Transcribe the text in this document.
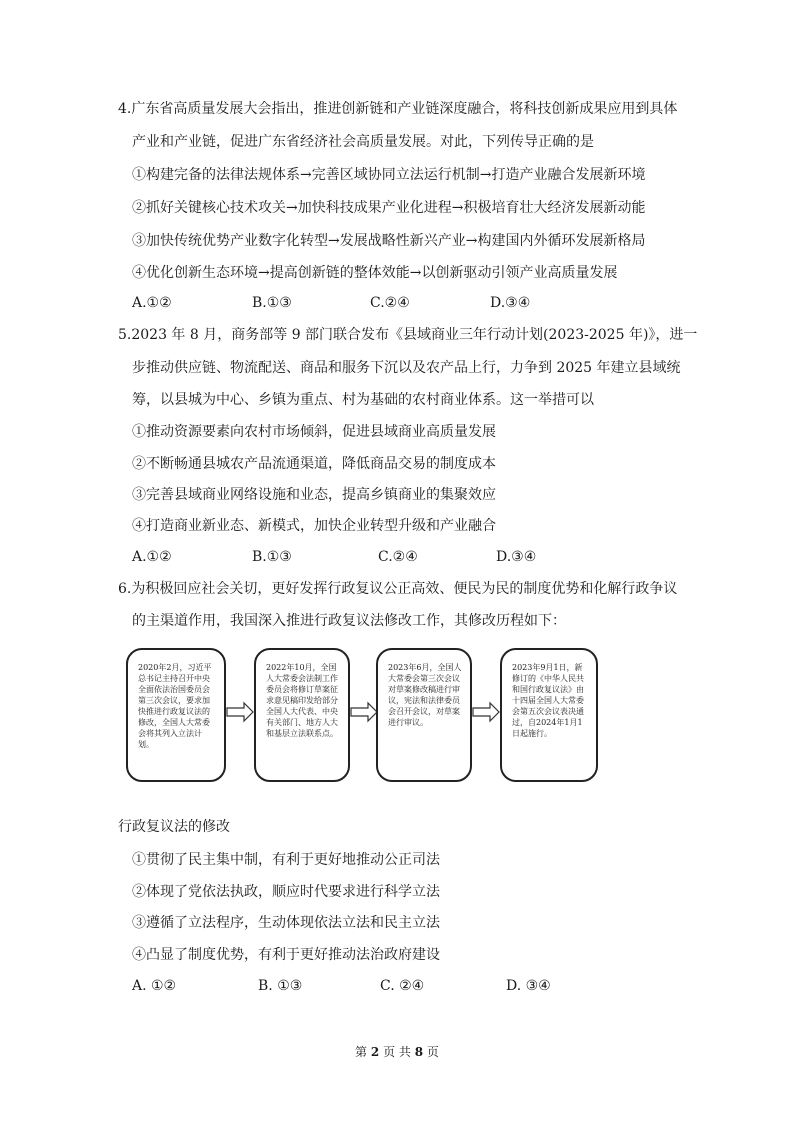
4.广东省高质量发展大会指出，推进创新链和产业链深度融合，将科技创新成果应用到具体
产业和产业链，促进广东省经济社会高质量发展。对此，下列传导正确的是
①构建完备的法律法规体系→完善区域协同立法运行机制→打造产业融合发展新环境
②抓好关键核心技术攻关→加快科技成果产业化进程→积极培育壮大经济发展新动能
③加快传统优势产业数字化转型→发展战略性新兴产业→构建国内外循环发展新格局
④优化创新生态环境→提高创新链的整体效能→以创新驱动引领产业高质量发展
A.①②	B.①③	C.②④	D.③④
5.2023 年 8 月，商务部等 9 部门联合发布《县域商业三年行动计划(2023-2025 年)》，进一
步推动供应链、物流配送、商品和服务下沉以及农产品上行，力争到 2025 年建立县域统
筹，以县城为中心、乡镇为重点、村为基础的农村商业体系。这一举措可以
①推动资源要素向农村市场倾斜，促进县域商业高质量发展
②不断畅通县城农产品流通渠道，降低商品交易的制度成本
③完善县域商业网络设施和业态，提高乡镇商业的集聚效应
④打造商业新业态、新模式，加快企业转型升级和产业融合
A.①②	B.①③	C.②④	D.③④
6.为积极回应社会关切，更好发挥行政复议公正高效、便民为民的制度优势和化解行政争议
的主渠道作用，我国深入推进行政复议法修改工作，其修改历程如下：
2020年2月，习近平总书记主持召开中央全面依法治国委员会第三次会议，要求加快推进行政复议法的修改，全国人大常委会将其列入立法计划。
2022年10月，全国人大常委会法制工作委员会将修订草案征求意见稿印发给部分全国人大代表、中央有关部门、地方人大和基层立法联系点。
2023年6月，全国人大常委会第三次会议对草案修改稿进行审议，宪法和法律委员会召开会议，对草案进行审议。
2023年9月1日，新修订的《中华人民共和国行政复议法》由十四届全国人大常委会第五次会议表决通过，自2024年1月1日起施行。
行政复议法的修改
①贯彻了民主集中制，有利于更好地推动公正司法
②体现了党依法执政，顺应时代要求进行科学立法
③遵循了立法程序，生动体现依法立法和民主立法
④凸显了制度优势，有利于更好推动法治政府建设
A. ①②	B. ①③	C. ②④	D. ③④
第 2 页 共 8 页
